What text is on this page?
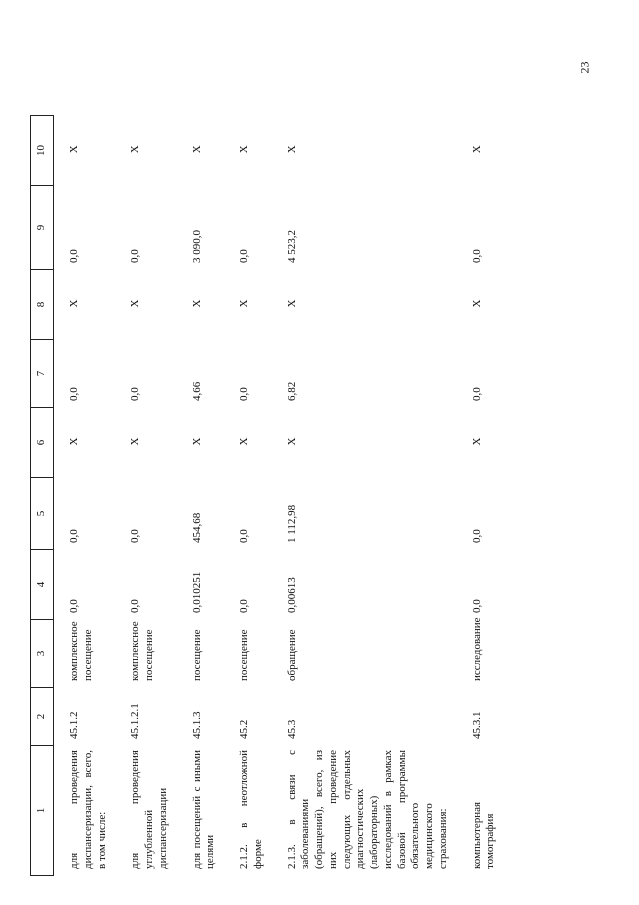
23
1	2	3	4	5	6	7	8	9	10
для проведения диспансеризации, всего, в том числе:	45.1.2	комплексное посещение	0,0	0,0	Х	0,0	Х	0,0	Х
для проведения углубленной диспансеризации	45.1.2.1	комплексное посещение	0,0	0,0	Х	0,0	Х	0,0	Х
для посещений с иными целями	45.1.3	посещение	0,010251	454,68	Х	4,66	Х	3 090,0	Х
2.1.2. в неотложной форме	45.2	посещение	0,0	0,0	Х	0,0	Х	0,0	Х
2.1.3. в связи с заболеваниями (обращений), всего, из них проведение следующих отдельных диагностических (лабораторных) исследований в рамках базовой программы обязательного медицинского страхования:	45.3	обращение	0,00613	1 112,98	Х	6,82	Х	4 523,2	Х
компьютерная томография	45.3.1	исследование	0,0	0,0	Х	0,0	Х	0,0	Х
